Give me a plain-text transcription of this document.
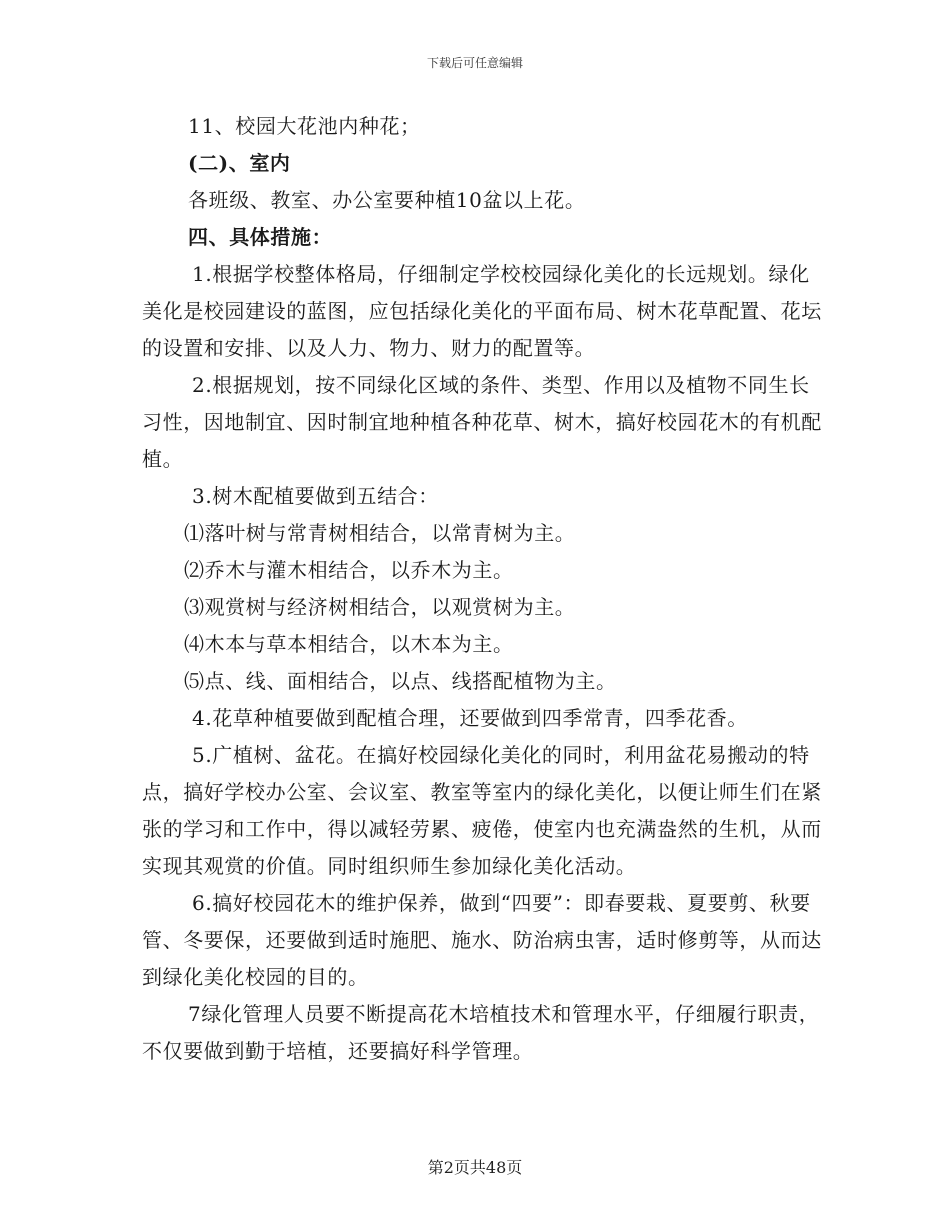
下载后可任意编辑

11、校园大花池内种花；

(二)、室内

各班级、教室、办公室要种植10盆以上花。

四、具体措施：

1.根据学校整体格局，仔细制定学校校园绿化美化的长远规划。绿化美化是校园建设的蓝图，应包括绿化美化的平面布局、树木花草配置、花坛的设置和安排、以及人力、物力、财力的配置等。

2.根据规划，按不同绿化区域的条件、类型、作用以及植物不同生长习性，因地制宜、因时制宜地种植各种花草、树木，搞好校园花木的有机配植。

3.树木配植要做到五结合：

⑴落叶树与常青树相结合，以常青树为主。

⑵乔木与灌木相结合，以乔木为主。

⑶观赏树与经济树相结合，以观赏树为主。

⑷木本与草本相结合，以木本为主。

⑸点、线、面相结合，以点、线搭配植物为主。

4.花草种植要做到配植合理，还要做到四季常青，四季花香。

5.广植树、盆花。在搞好校园绿化美化的同时，利用盆花易搬动的特点，搞好学校办公室、会议室、教室等室内的绿化美化，以便让师生们在紧张的学习和工作中，得以减轻劳累、疲倦，使室内也充满盎然的生机，从而实现其观赏的价值。同时组织师生参加绿化美化活动。

6.搞好校园花木的维护保养，做到“四要”：即春要栽、夏要剪、秋要管、冬要保，还要做到适时施肥、施水、防治病虫害，适时修剪等，从而达到绿化美化校园的目的。

7绿化管理人员要不断提高花木培植技术和管理水平，仔细履行职责，不仅要做到勤于培植，还要搞好科学管理。

第2页共48页
